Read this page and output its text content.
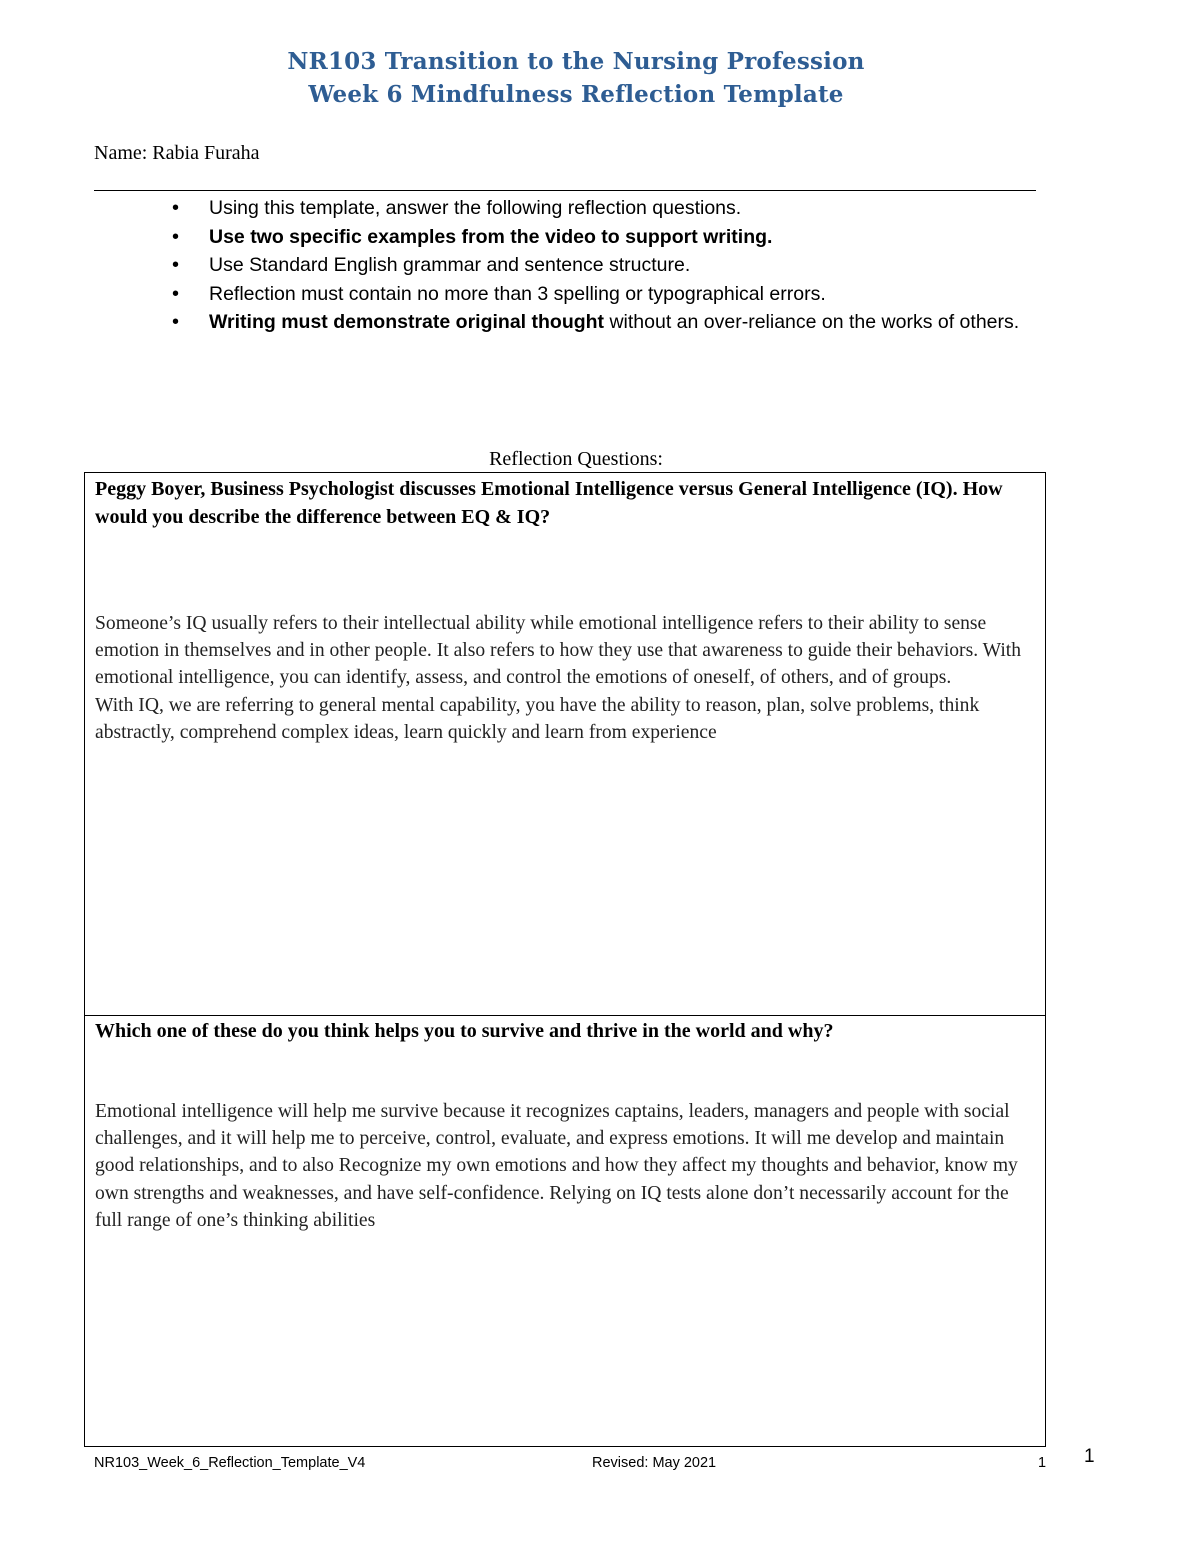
NR103 Transition to the Nursing Profession
Week 6 Mindfulness Reflection Template
Name: Rabia Furaha
• Using this template, answer the following reflection questions.
• Use two specific examples from the video to support writing.
• Use Standard English grammar and sentence structure.
• Reflection must contain no more than 3 spelling or typographical errors.
• Writing must demonstrate original thought without an over-reliance on the works of others.
Reflection Questions:
Peggy Boyer, Business Psychologist discusses Emotional Intelligence versus General Intelligence (IQ). How would you describe the difference between EQ & IQ?

Someone’s IQ usually refers to their intellectual ability while emotional intelligence refers to their ability to sense emotion in themselves and in other people. It also refers to how they use that awareness to guide their behaviors. With emotional intelligence, you can identify, assess, and control the emotions of oneself, of others, and of groups.

With IQ, we are referring to general mental capability, you have the ability to reason, plan, solve problems, think abstractly, comprehend complex ideas, learn quickly and learn from experience

Which one of these do you think helps you to survive and thrive in the world and why?

Emotional intelligence will help me survive because it recognizes captains, leaders, managers and people with social challenges, and it will help me to perceive, control, evaluate, and express emotions. It will me develop and maintain good relationships, and to also Recognize my own emotions and how they affect my thoughts and behavior, know my own strengths and weaknesses, and have self-confidence. Relying on IQ tests alone don’t necessarily account for the full range of one’s thinking abilities

NR103_Week_6_Reflection_Template_V4	Revised: May 2021	1 1
